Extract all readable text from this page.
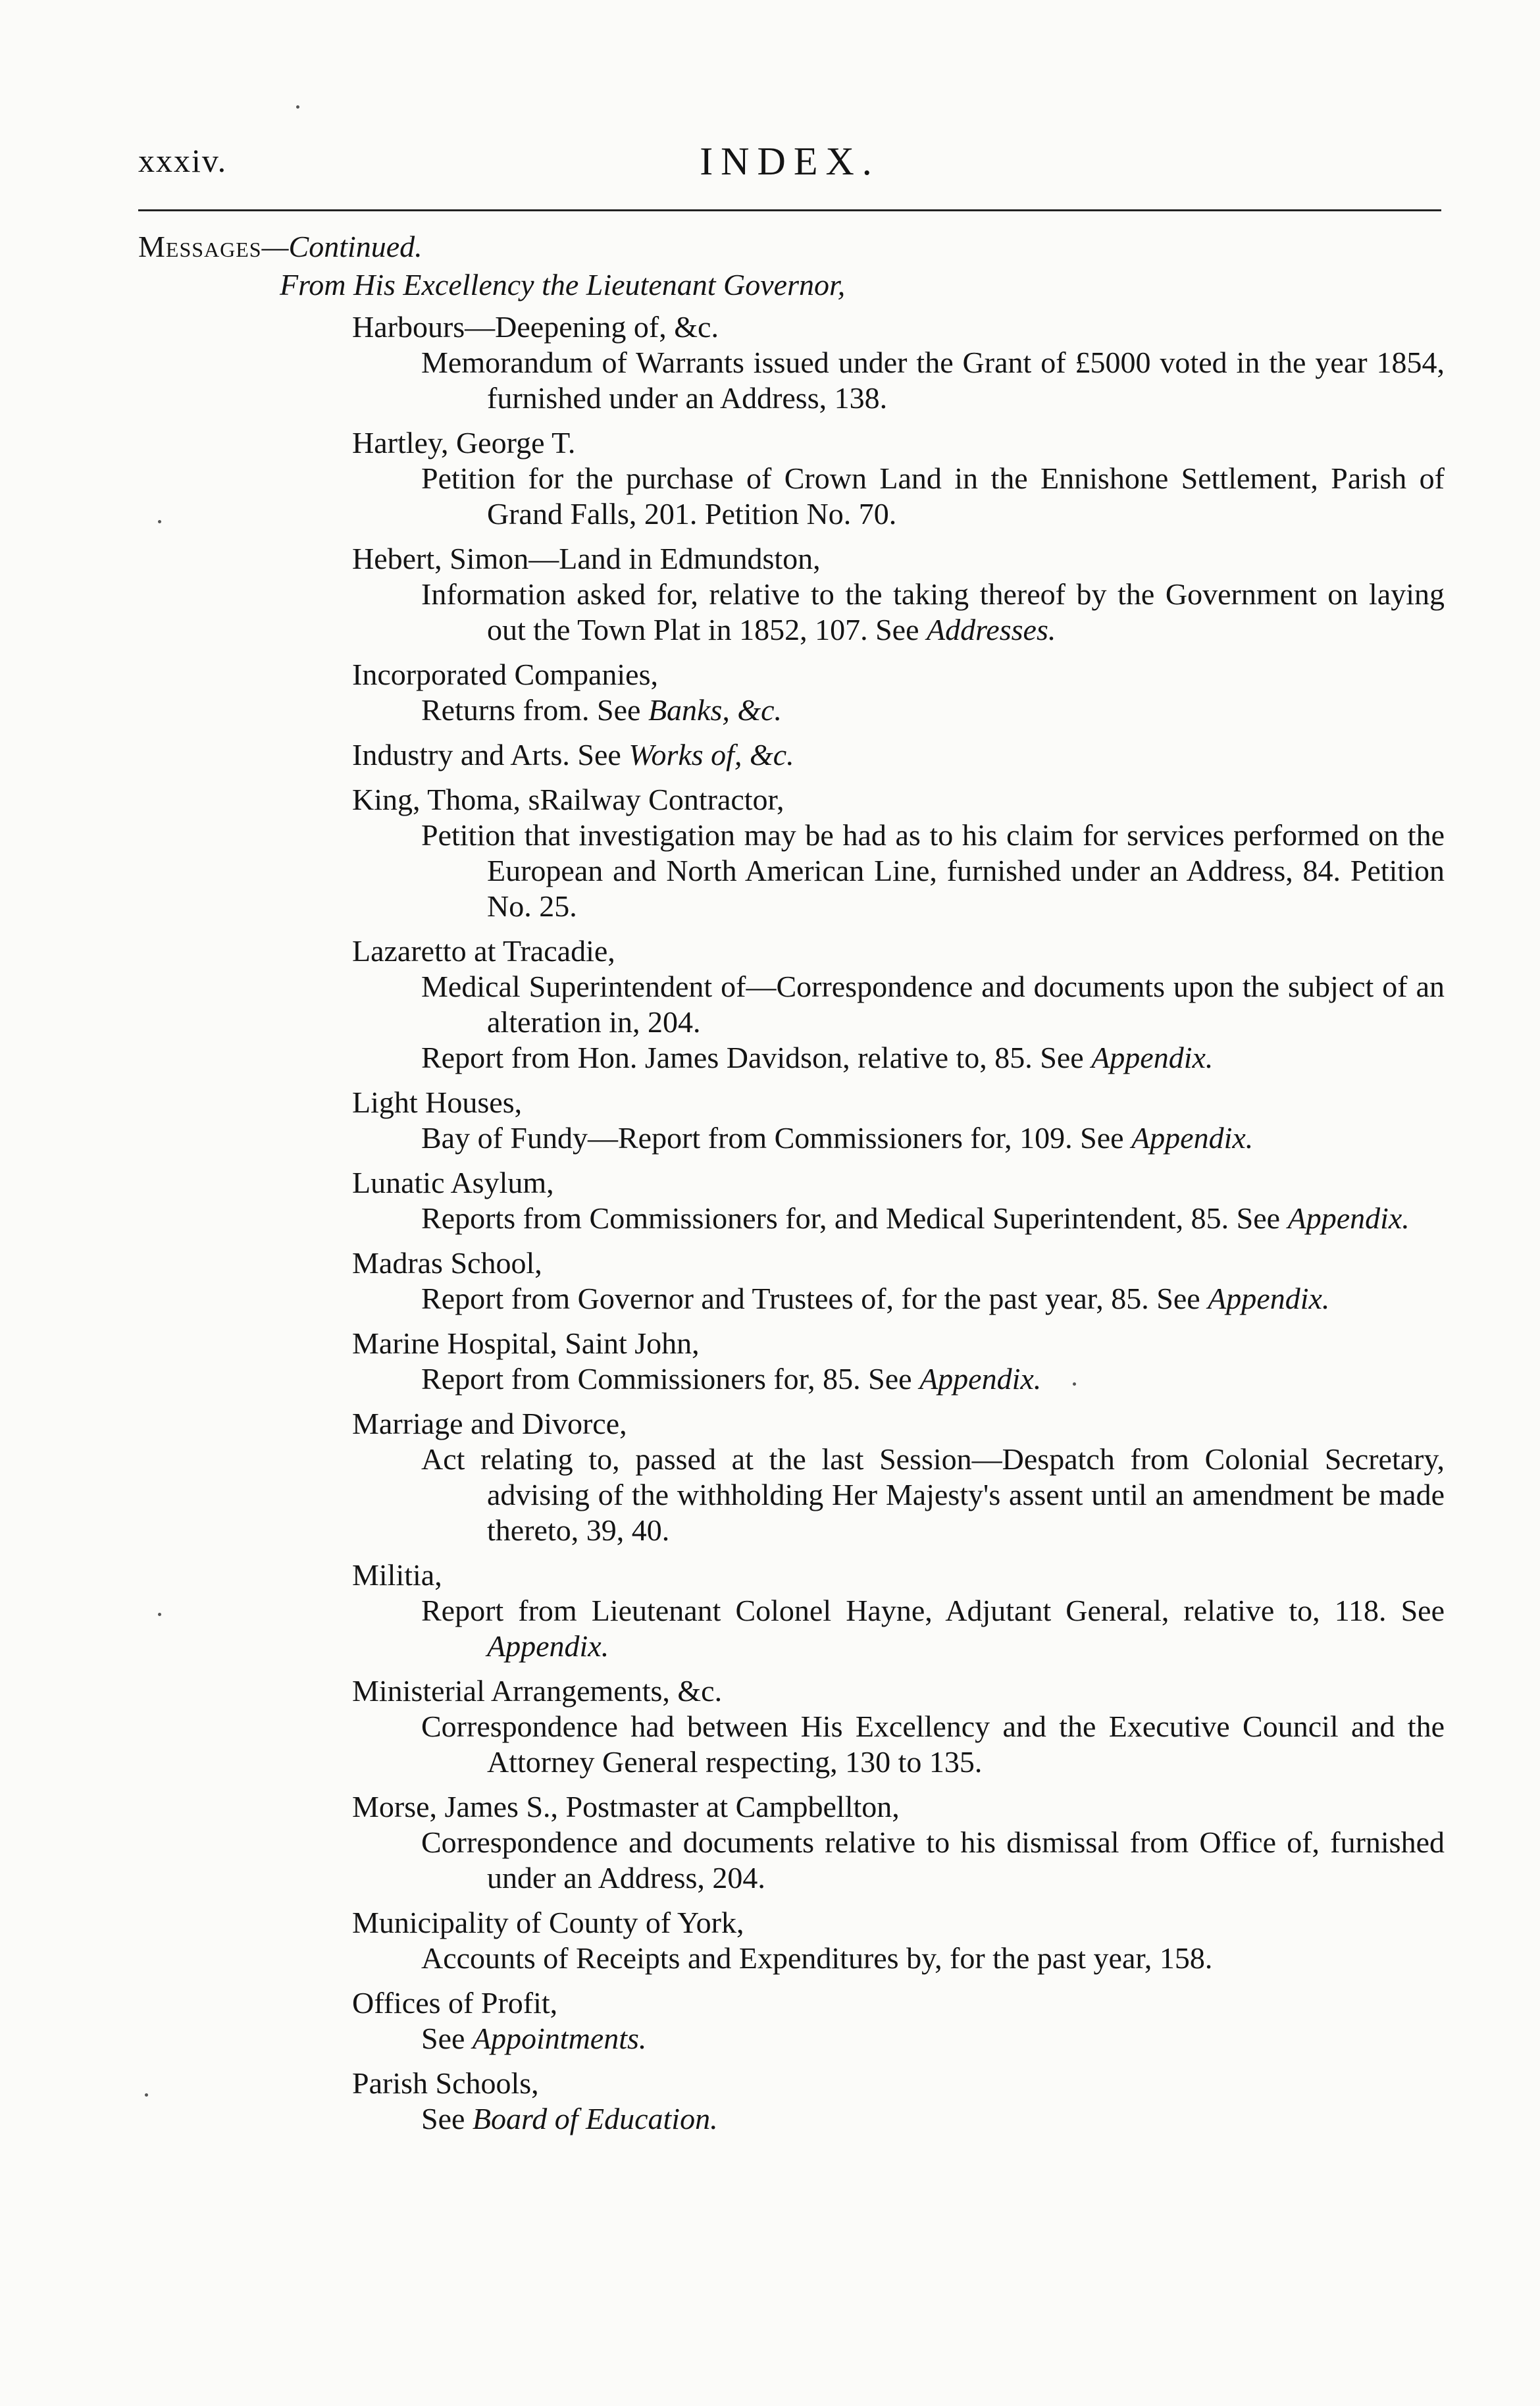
xxxiv.	INDEX.

Messages—Continued.

From His Excellency the Lieutenant Governor,

Harbours—Deepening of, &c.

Memorandum of Warrants issued under the Grant of £5000 voted in the year 1854, furnished under an Address, 138.

Hartley, George T.

Petition for the purchase of Crown Land in the Ennishone Settlement, Parish of Grand Falls, 201. Petition No. 70.

Hebert, Simon—Land in Edmundston,

Information asked for, relative to the taking thereof by the Government on laying out the Town Plat in 1852, 107. See Addresses.

Incorporated Companies,

Returns from. See Banks, &c.

Industry and Arts. See Works of, &c.

King, Thoma, sRailway Contractor,

Petition that investigation may be had as to his claim for services performed on the European and North American Line, furnished under an Address, 84. Petition No. 25.

Lazaretto at Tracadie,

Medical Superintendent of—Correspondence and documents upon the subject of an alteration in, 204.

Report from Hon. James Davidson, relative to, 85. See Appendix.

Light Houses,

Bay of Fundy—Report from Commissioners for, 109. See Appendix.

Lunatic Asylum,

Reports from Commissioners for, and Medical Superintendent, 85. See Appendix.

Madras School,

Report from Governor and Trustees of, for the past year, 85. See Appendix.

Marine Hospital, Saint John,

Report from Commissioners for, 85. See Appendix.

Marriage and Divorce,

Act relating to, passed at the last Session—Despatch from Colonial Secretary, advising of the withholding Her Majesty's assent until an amendment be made thereto, 39, 40.

Militia,

Report from Lieutenant Colonel Hayne, Adjutant General, relative to, 118. See Appendix.

Ministerial Arrangements, &c.

Correspondence had between His Excellency and the Executive Council and the Attorney General respecting, 130 to 135.

Morse, James S., Postmaster at Campbellton,

Correspondence and documents relative to his dismissal from Office of, furnished under an Address, 204.

Municipality of County of York,

Accounts of Receipts and Expenditures by, for the past year, 158.

Offices of Profit,

See Appointments.

Parish Schools,

See Board of Education.
